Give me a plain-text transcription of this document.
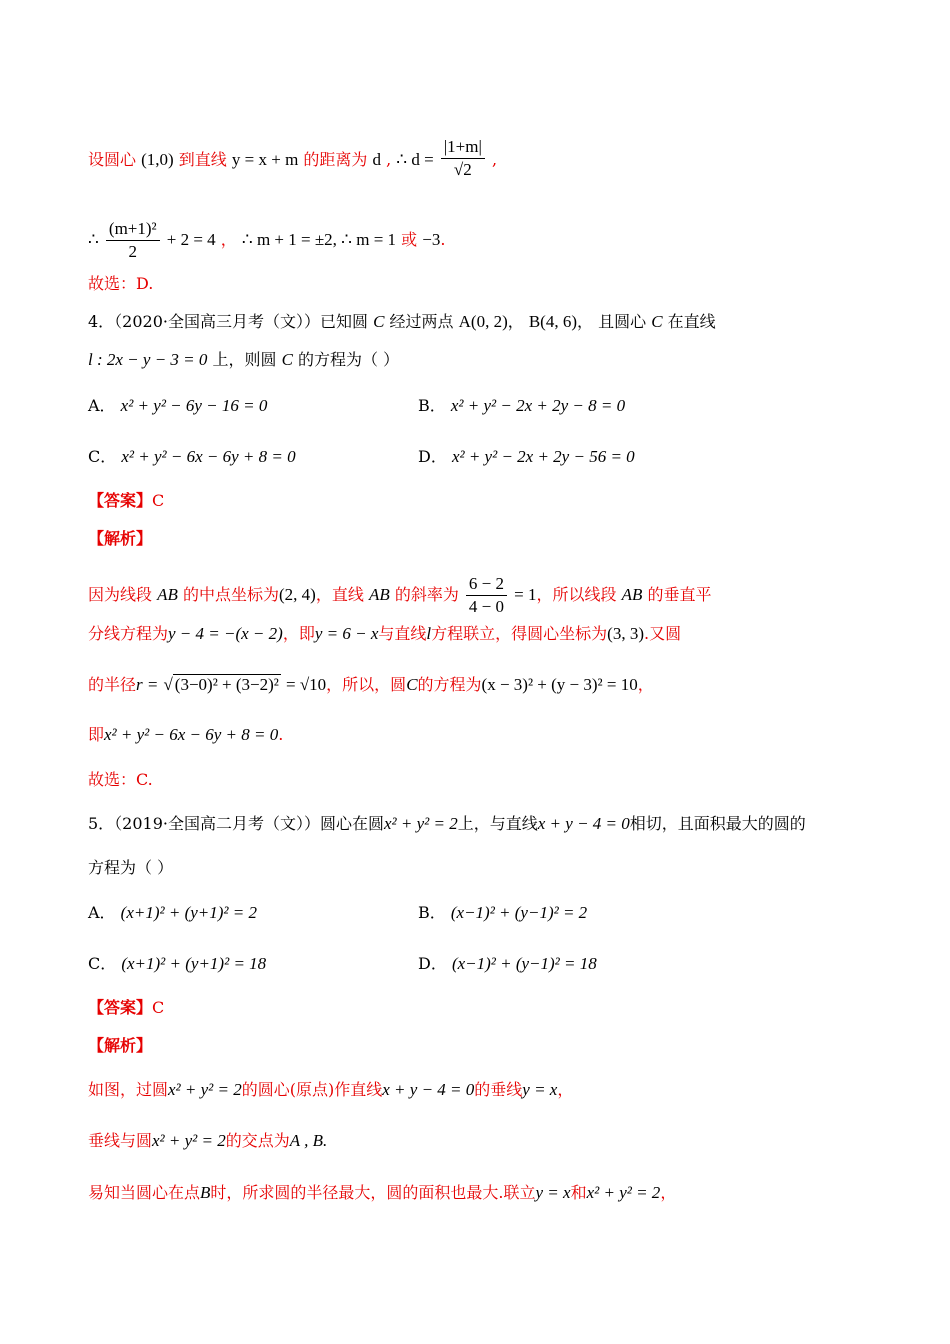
设圆心 (1,0) 到直线 y = x + m 的距离为 d , ∴ $d = \frac{|1+m|}{√2}$ ,
∴ $\frac{\text{(m+1)²}}{2} + 2 = 4$ ， ∴ m + 1 = ±2, ∴ m = 1 或 −3.
故选：D.
4．（2020·全国高三月考（文））已知圆 C 经过两点 A(0, 2)， B(4, 6)， 且圆心 C 在直线
l : 2x − y − 3 = 0 上，则圆 C 的方程为（ ）
A． x² + y² − 6y − 16 = 0	B． x² + y² − 2x + 2y − 8 = 0
C． x² + y² − 6x − 6y + 8 = 0	D． x² + y² − 2x + 2y − 56 = 0
【答案】C
【解析】
因为线段 AB 的中点坐标为(2, 4)，直线 AB 的斜率为 $\frac{6 - 2}{4 - 0} = 1$，所以线段 AB 的垂直平
分线方程为y − 4 = −(x − 2)，即y = 6 − x与直线l方程联立，得圆心坐标为(3, 3).又圆
的半径r = √ (3−0)² + (3−2)² = √10，所以，圆C的方程为(x − 3)² + (y − 3)² = 10，
即x² + y² − 6x − 6y + 8 = 0.
故选：C.
5．（2019·全国高二月考（文））圆心在圆x² + y² = 2上，与直线x + y − 4 = 0相切，且面积最大的圆的
方程为（ ）
A． (x+1)² + (y+1)² = 2	B． (x−1)² + (y−1)² = 2
C． (x+1)² + (y+1)² = 18	D． (x−1)² + (y−1)² = 18
【答案】C
【解析】
如图，过圆x² + y² = 2的圆心(原点)作直线x + y − 4 = 0的垂线y = x，
垂线与圆x² + y² = 2的交点为A , B.
易知当圆心在点B时，所求圆的半径最大，圆的面积也最大.联立y = x和x² + y² = 2，
